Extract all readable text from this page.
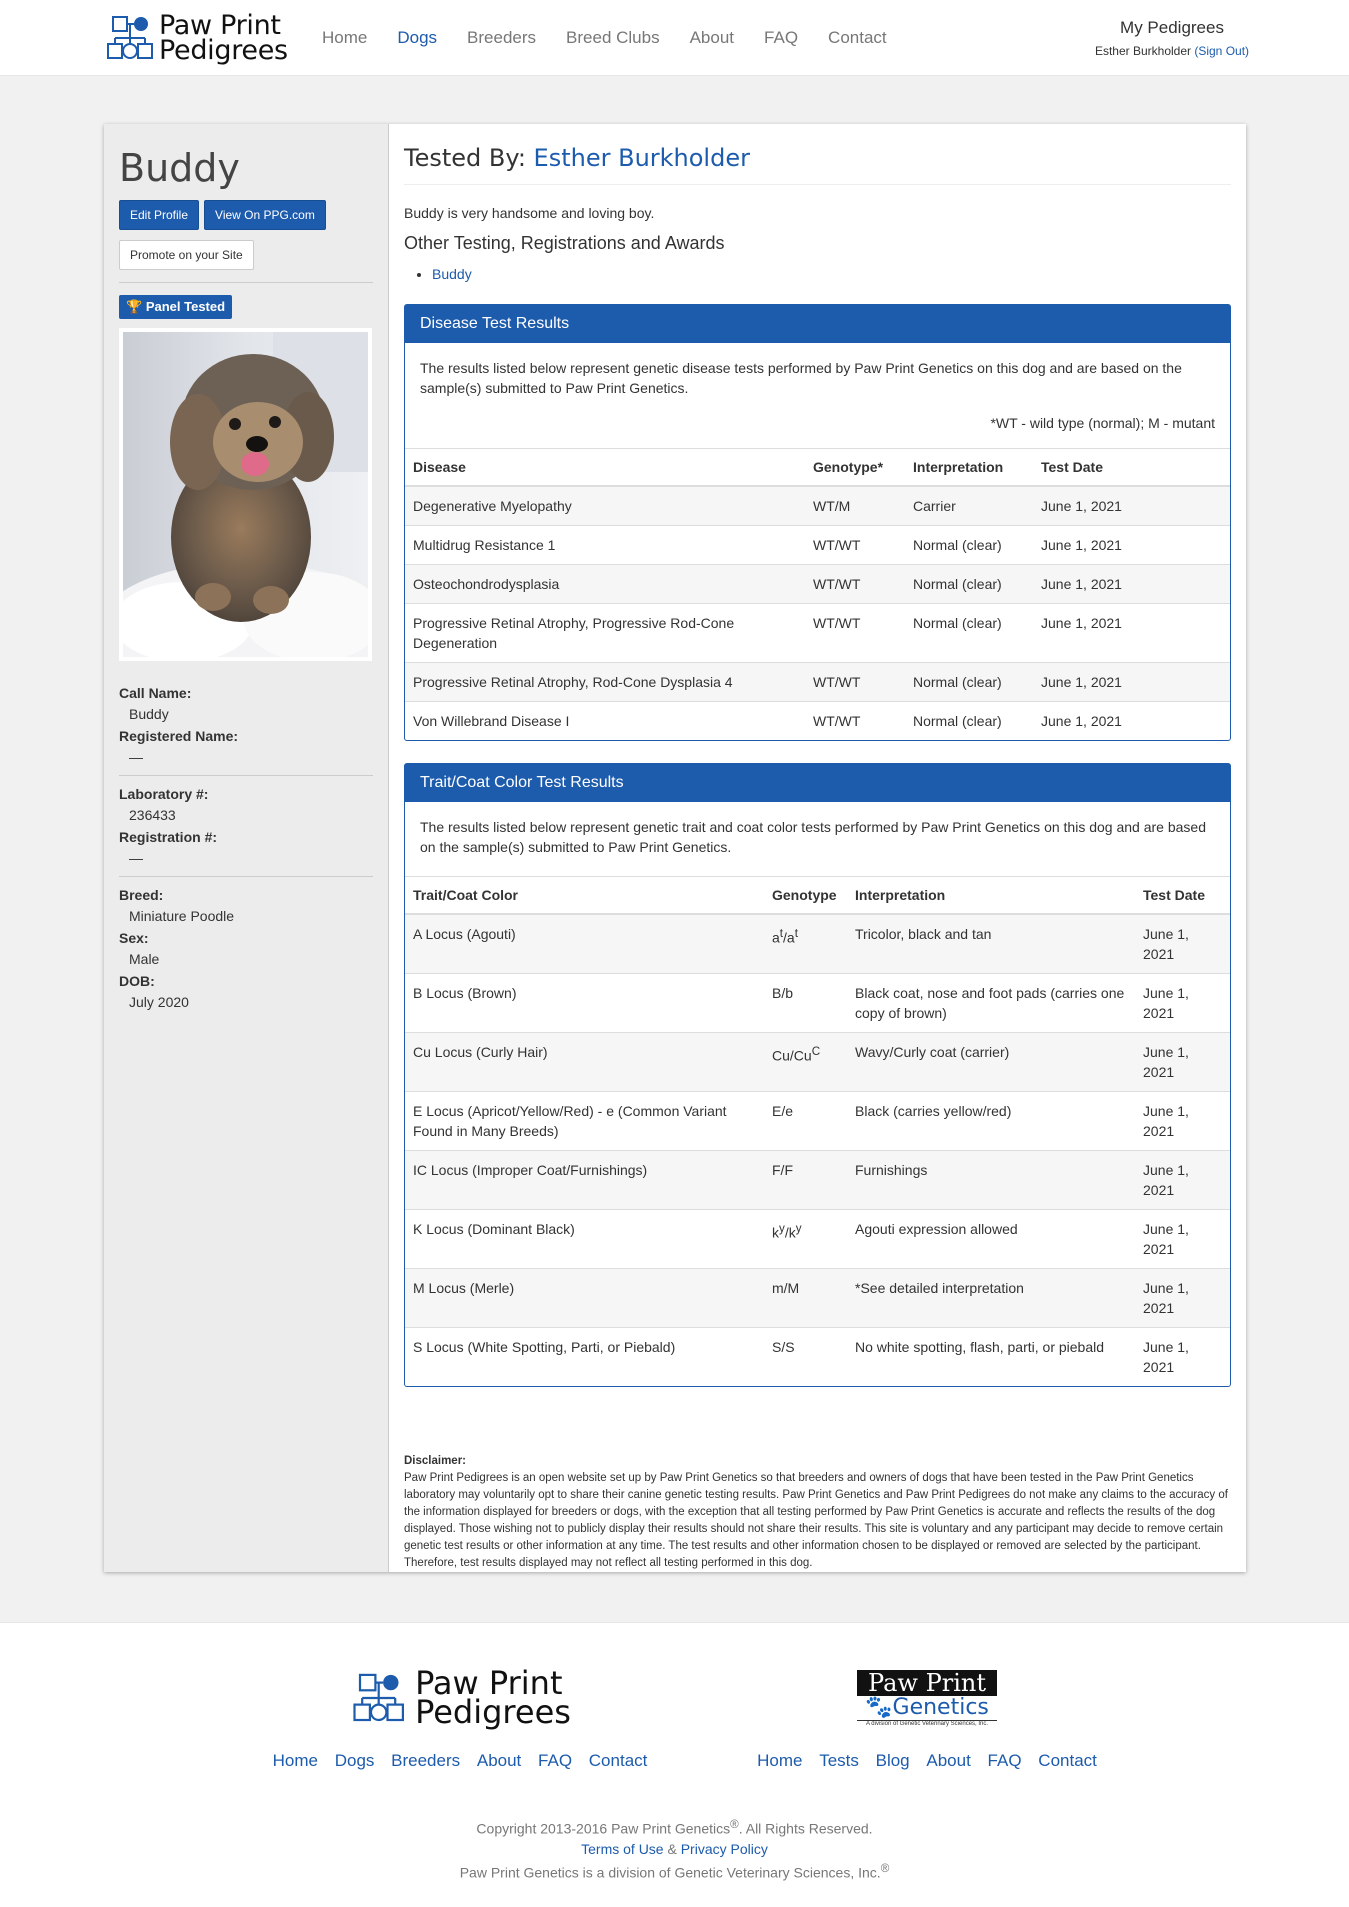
Paw Print
Pedigrees	Home	Dogs	Breeders	Breed Clubs	About	FAQ	Contact
My Pedigrees
Esther Burkholder (Sign Out)
Buddy
Edit Profile	View On PPG.com
Promote on your Site
🏆 Panel Tested
Call Name:
Buddy
Registered Name:
—
Laboratory #:
236433
Registration #:
—
Breed:
Miniature Poodle
Sex:
Male
DOB:
July 2020
Tested By: Esther Burkholder

Buddy is very handsome and loving boy.

Other Testing, Registrations and Awards
• Buddy
Disease Test Results

The results listed below represent genetic disease tests performed by Paw Print Genetics on this dog and are based on the sample(s) submitted to Paw Print Genetics.

*WT - wild type (normal); M - mutant

Disease	Genotype*	Interpretation	Test Date
Degenerative Myelopathy	WT/M	Carrier	June 1, 2021
Multidrug Resistance 1	WT/WT	Normal (clear)	June 1, 2021
Osteochondrodysplasia	WT/WT	Normal (clear)	June 1, 2021
Progressive Retinal Atrophy, Progressive Rod-Cone Degeneration	WT/WT	Normal (clear)	June 1, 2021
Progressive Retinal Atrophy, Rod-Cone Dysplasia 4	WT/WT	Normal (clear)	June 1, 2021
Von Willebrand Disease I	WT/WT	Normal (clear)	June 1, 2021
Trait/Coat Color Test Results

The results listed below represent genetic trait and coat color tests performed by Paw Print Genetics on this dog and are based on the sample(s) submitted to Paw Print Genetics.

Trait/Coat Color	Genotype	Interpretation	Test Date
A Locus (Agouti)	$a^t/a^t$	Tricolor, black and tan	June 1, 2021
B Locus (Brown)	B/b	Black coat, nose and foot pads (carries one copy of brown)	June 1, 2021
Cu Locus (Curly Hair)	$Cu/Cu^C$	Wavy/Curly coat (carrier)	June 1, 2021
E Locus (Apricot/Yellow/Red) - e (Common Variant Found in Many Breeds)	E/e	Black (carries yellow/red)	June 1, 2021
IC Locus (Improper Coat/Furnishings)	F/F	Furnishings	June 1, 2021
K Locus (Dominant Black)	$k^y/k^y$	Agouti expression allowed	June 1, 2021
M Locus (Merle)	m/M	*See detailed interpretation	June 1, 2021
S Locus (White Spotting, Parti, or Piebald)	S/S	No white spotting, flash, parti, or piebald	June 1, 2021
Disclaimer:
Paw Print Pedigrees is an open website set up by Paw Print Genetics so that breeders and owners of dogs that have been tested in the Paw Print Genetics laboratory may voluntarily opt to share their canine genetic testing results. Paw Print Genetics and Paw Print Pedigrees do not make any claims to the accuracy of the information displayed for breeders or dogs, with the exception that all testing performed by Paw Print Genetics is accurate and reflects the results of the dog displayed. Those wishing not to publicly display their results should not share their results. This site is voluntary and any participant may decide to remove certain genetic test results or other information at any time. The test results and other information chosen to be displayed or removed are selected by the participant. Therefore, test results displayed may not reflect all testing performed in this dog.
Paw Print
Pedigrees
Home Dogs Breeders About FAQ Contact
Paw Print
🐾Genetics
A division of Genetic Veterinary Sciences, Inc.
Home Tests Blog About FAQ Contact
Copyright 2013-2016 Paw Print Genetics®. All Rights Reserved.
Terms of Use & Privacy Policy
Paw Print Genetics is a division of Genetic Veterinary Sciences, Inc.®
